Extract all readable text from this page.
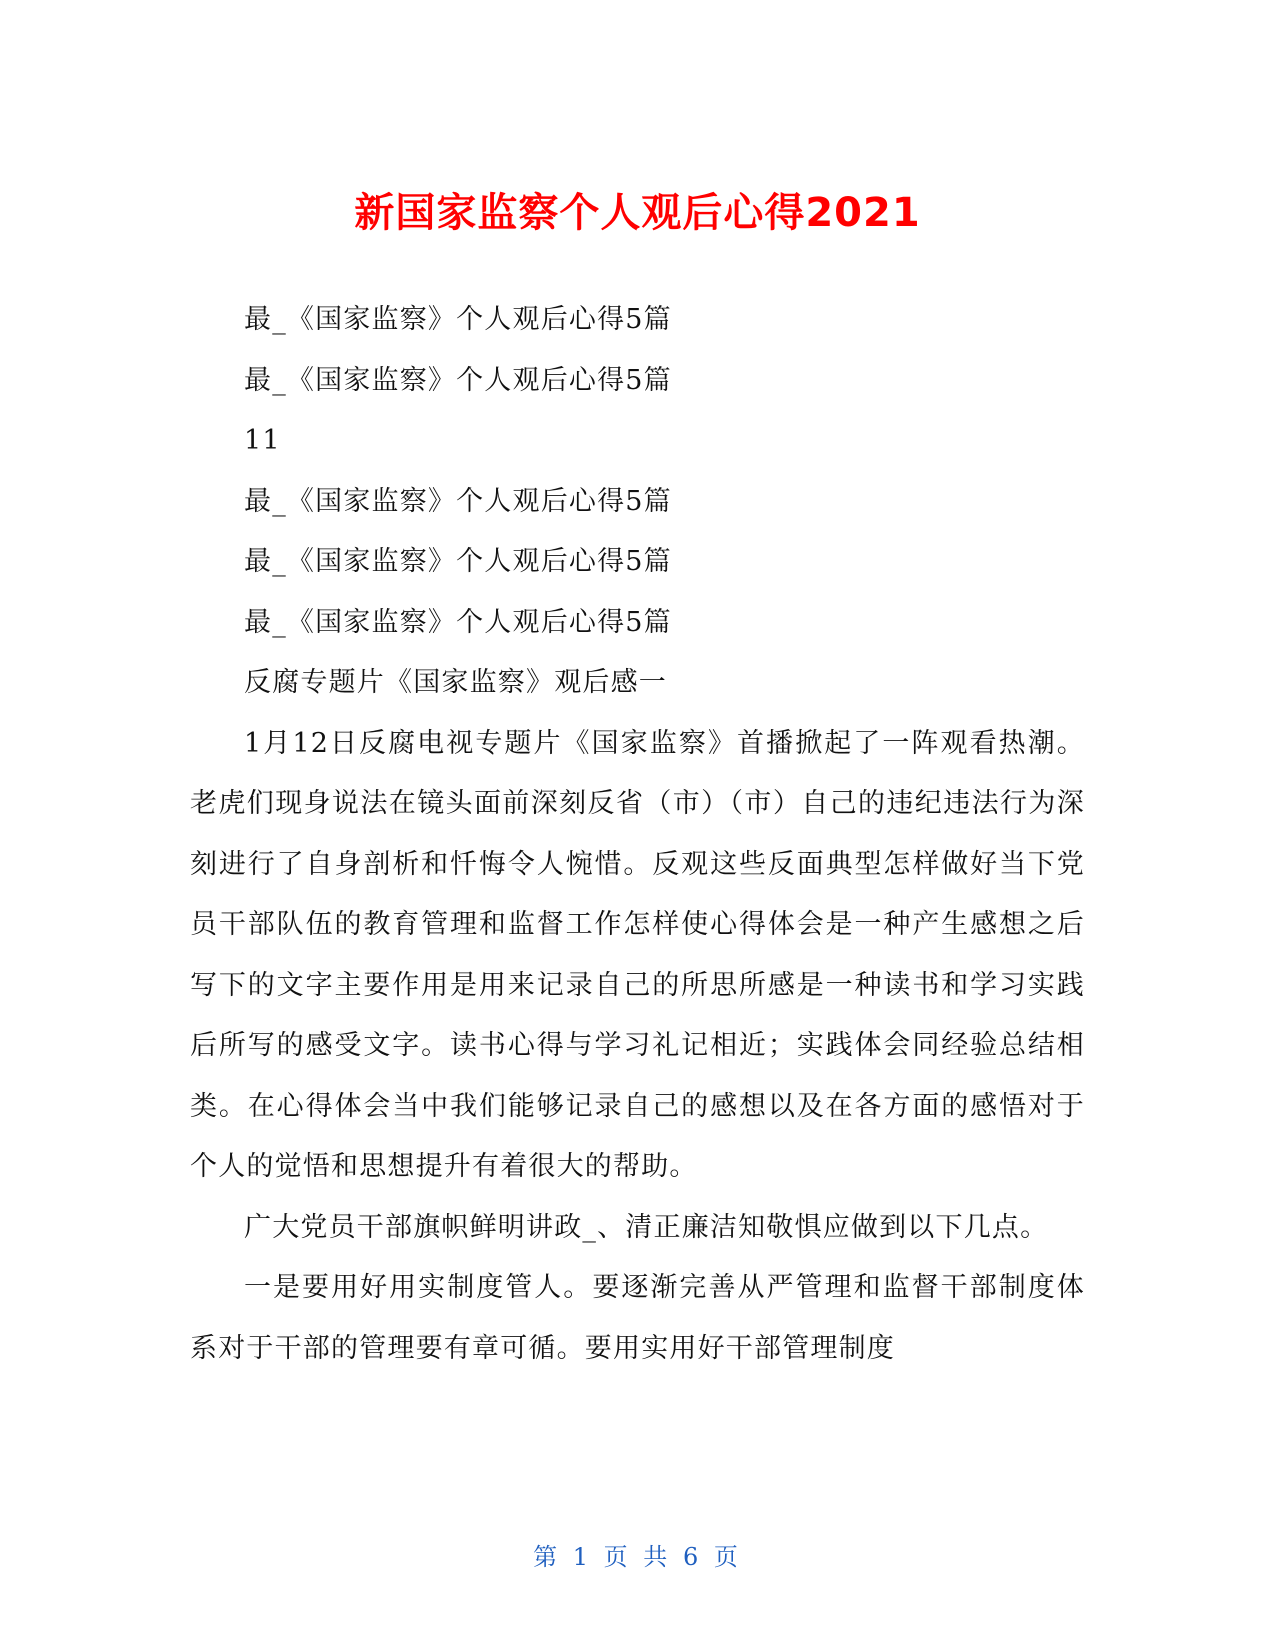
新国家监察个人观后心得2021

最_《国家监察》个人观后心得5篇

最_《国家监察》个人观后心得5篇

11

最_《国家监察》个人观后心得5篇

最_《国家监察》个人观后心得5篇

最_《国家监察》个人观后心得5篇

反腐专题片《国家监察》观后感一

1月12日反腐电视专题片《国家监察》首播掀起了一阵观看热潮。老虎们现身说法在镜头面前深刻反省（市）（市）自己的违纪违法行为深刻进行了自身剖析和忏悔令人惋惜。反观这些反面典型怎样做好当下党员干部队伍的教育管理和监督工作怎样使心得体会是一种产生感想之后写下的文字主要作用是用来记录自己的所思所感是一种读书和学习实践后所写的感受文字。读书心得与学习礼记相近；实践体会同经验总结相类。在心得体会当中我们能够记录自己的感想以及在各方面的感悟对于个人的觉悟和思想提升有着很大的帮助。

广大党员干部旗帜鲜明讲政_、清正廉洁知敬惧应做到以下几点。

一是要用好用实制度管人。要逐渐完善从严管理和监督干部制度体系对于干部的管理要有章可循。要用实用好干部管理制度

第 1 页 共 6 页
